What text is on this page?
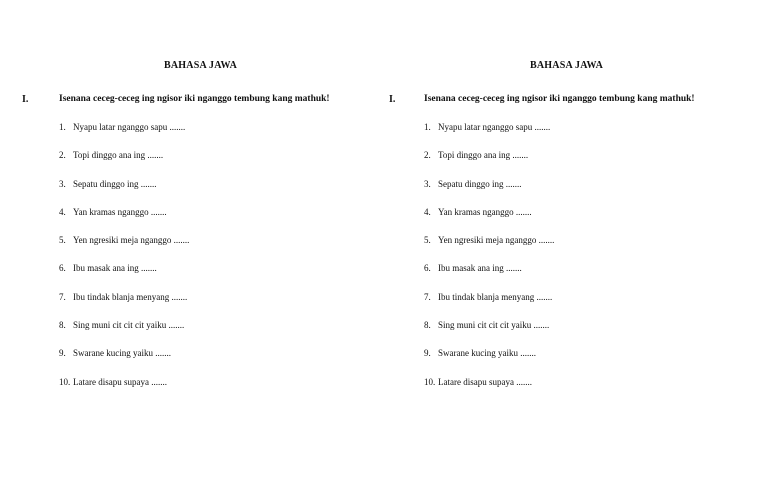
BAHASA JAWA
I.	Isenana ceceg-ceceg ing ngisor iki nganggo tembung kang mathuk!
1. Nyapu latar nganggo sapu .......
2. Topi dinggo ana ing .......
3. Sepatu dinggo ing .......
4. Yan kramas nganggo .......
5. Yen ngresiki meja nganggo .......
6. Ibu masak ana ing .......
7. Ibu tindak blanja menyang .......
8. Sing muni cit cit cit yaiku .......
9. Swarane kucing yaiku .......
10. Latare disapu supaya .......
BAHASA JAWA
I.	Isenana ceceg-ceceg ing ngisor iki nganggo tembung kang mathuk!
1. Nyapu latar nganggo sapu .......
2. Topi dinggo ana ing .......
3. Sepatu dinggo ing .......
4. Yan kramas nganggo .......
5. Yen ngresiki meja nganggo .......
6. Ibu masak ana ing .......
7. Ibu tindak blanja menyang .......
8. Sing muni cit cit cit yaiku .......
9. Swarane kucing yaiku .......
10. Latare disapu supaya .......
